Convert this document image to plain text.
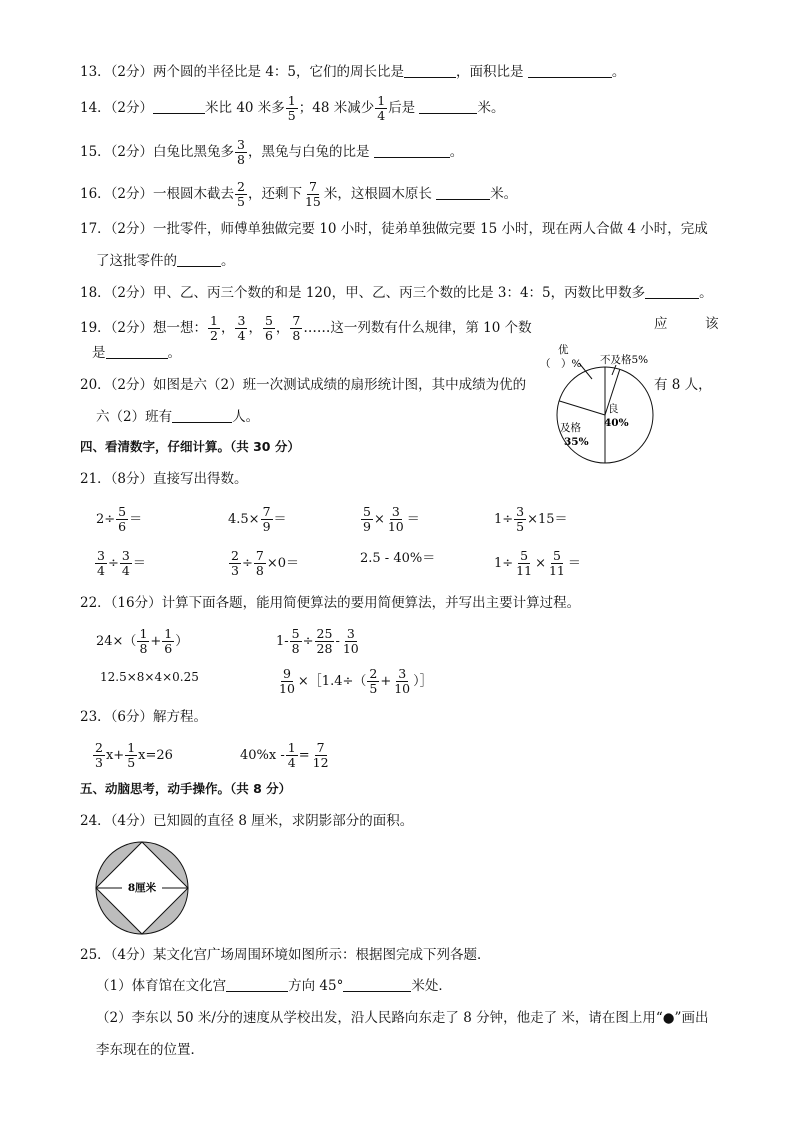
13．（2分）两个圆的半径比是 4：5，它们的周长比是	，面积比是	。
14．（2分）	米比 40 米多 $\frac{1}{5}$ ；48 米减少 $\frac{1}{4}$ 后是	米。
15．（2分）白兔比黑兔多 $\frac{3}{8}$ ，黑兔与白兔的比是	。
16．（2分）一根圆木截去 $\frac{2}{5}$ ，还剩下 $\frac{7}{15}$ 米，这根圆木原长	米。
17．（2分）一批零件，师傅单独做完要 10 小时，徒弟单独做完要 15 小时，现在两人合做 4 小时，完成
了这批零件的	。
18．（2分）甲、乙、丙三个数的和是 120，甲、乙、丙三个数的比是 3：4：5，丙数比甲数多	。
19．（2分）想一想： $\frac{1}{2}$ ， $\frac{3}{4}$ ， $\frac{5}{6}$ ， $\frac{7}{8}$ ……这一列数有什么规律，第 10 个数	应	该
是	。
20．（2分）如图是六（2）班一次测试成绩的扇形统计图，其中成绩为优的	有 8 人，
六（2）班有	人。
优
（　）% 不及格5%
良
40%
及格
35%
四、看清数字，仔细计算。（共 30 分）
21．（8分）直接写出得数。
$2\div \frac{5}{6}$ ＝	$4.5\times \frac{7}{9}$ ＝	$\frac{5}{9} \times \frac{3}{10}$ ＝	$1\div \frac{3}{5} \times 15=$
$\frac{3}{4} \div \frac{3}{4}$ ＝	$\frac{2}{3} \div \frac{7}{8} \times 0=$	2.5 - 40%＝	$1\div \frac{5}{11} \times \frac{5}{11}$ ＝
22．（16分）计算下面各题，能用简便算法的要用简便算法，并写出主要计算过程。
$24\times( \frac{1}{8} + \frac{1}{6}$ ）	$1- \frac{5}{8} \div \frac{25}{28} - \frac{3}{10}$
12.5×8×4×0.25	$\frac{9}{10}$ ×［1.4÷（ $\frac{2}{5} + \frac{3}{10}$ ）］
23．（6分）解方程。
$\frac{2}{3} x+ \frac{1}{5} x=26$	$40\%x - \frac{1}{4} = \frac{7}{12}$
五、动脑思考，动手操作。（共 8 分）
24．（4分）已知圆的直径 8 厘米，求阴影部分的面积。
8厘米
25．（4分）某文化宫广场周围环境如图所示：根据图完成下列各题．
（1）体育馆在文化宫	方向 45°	米处．
（2）李东以 50 米/分的速度从学校出发，沿人民路向东走了 8 分钟，他走了 米，请在图上用“●”画出
李东现在的位置．
